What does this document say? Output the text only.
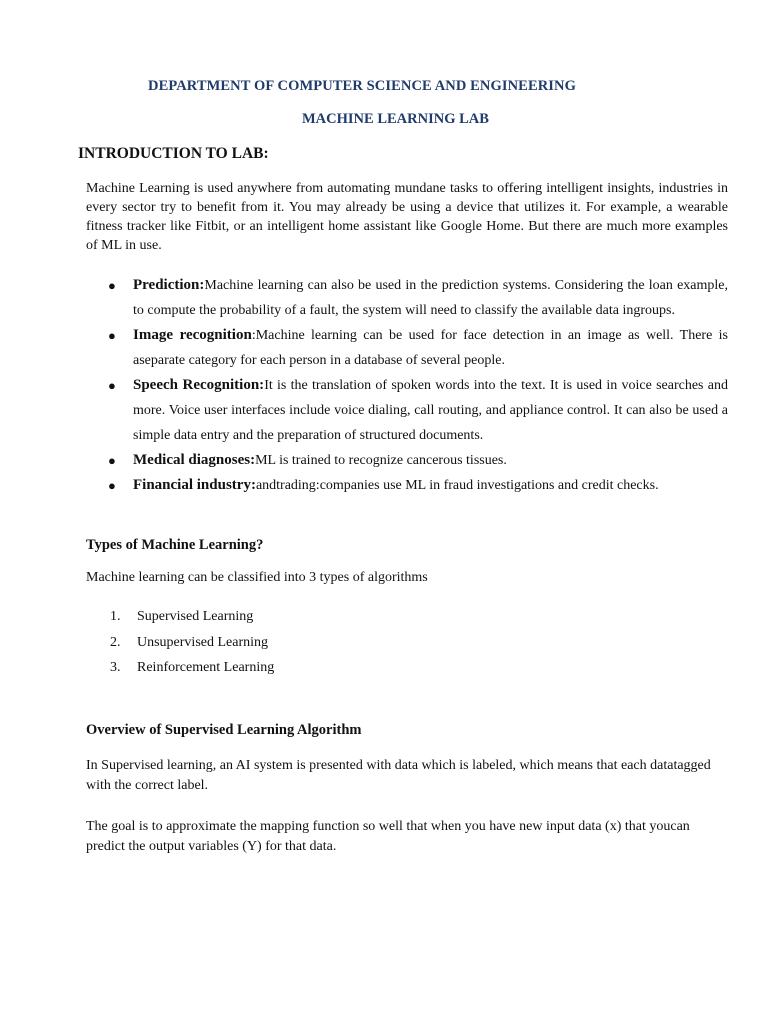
DEPARTMENT OF COMPUTER SCIENCE AND ENGINEERING
MACHINE LEARNING LAB
INTRODUCTION TO LAB:

Machine Learning is used anywhere from automating mundane tasks to offering intelligent insights, industries in every sector try to benefit from it. You may already be using a device that utilizes it. For example, a wearable fitness tracker like Fitbit, or an intelligent home assistant like Google Home. But there are much more examples of ML in use.

● Prediction:Machine learning can also be used in the prediction systems. Considering the loan example, to compute the probability of a fault, the system will need to classify the available data ingroups.
● Image recognition:Machine learning can be used for face detection in an image as well. There is aseparate category for each person in a database of several people.
● Speech Recognition:It is the translation of spoken words into the text. It is used in voice searches and more. Voice user interfaces include voice dialing, call routing, and appliance control. It can also be used a simple data entry and the preparation of structured documents.
● Medical diagnoses:ML is trained to recognize cancerous tissues.
● Financial industry:andtrading:companies use ML in fraud investigations and credit checks.
Types of Machine Learning?
Machine learning can be classified into 3 types of algorithms
1. Supervised Learning
2. Unsupervised Learning
3. Reinforcement Learning
Overview of Supervised Learning Algorithm

In Supervised learning, an AI system is presented with data which is labeled, which means that each datatagged with the correct label.

The goal is to approximate the mapping function so well that when you have new input data (x) that youcan predict the output variables (Y) for that data.
